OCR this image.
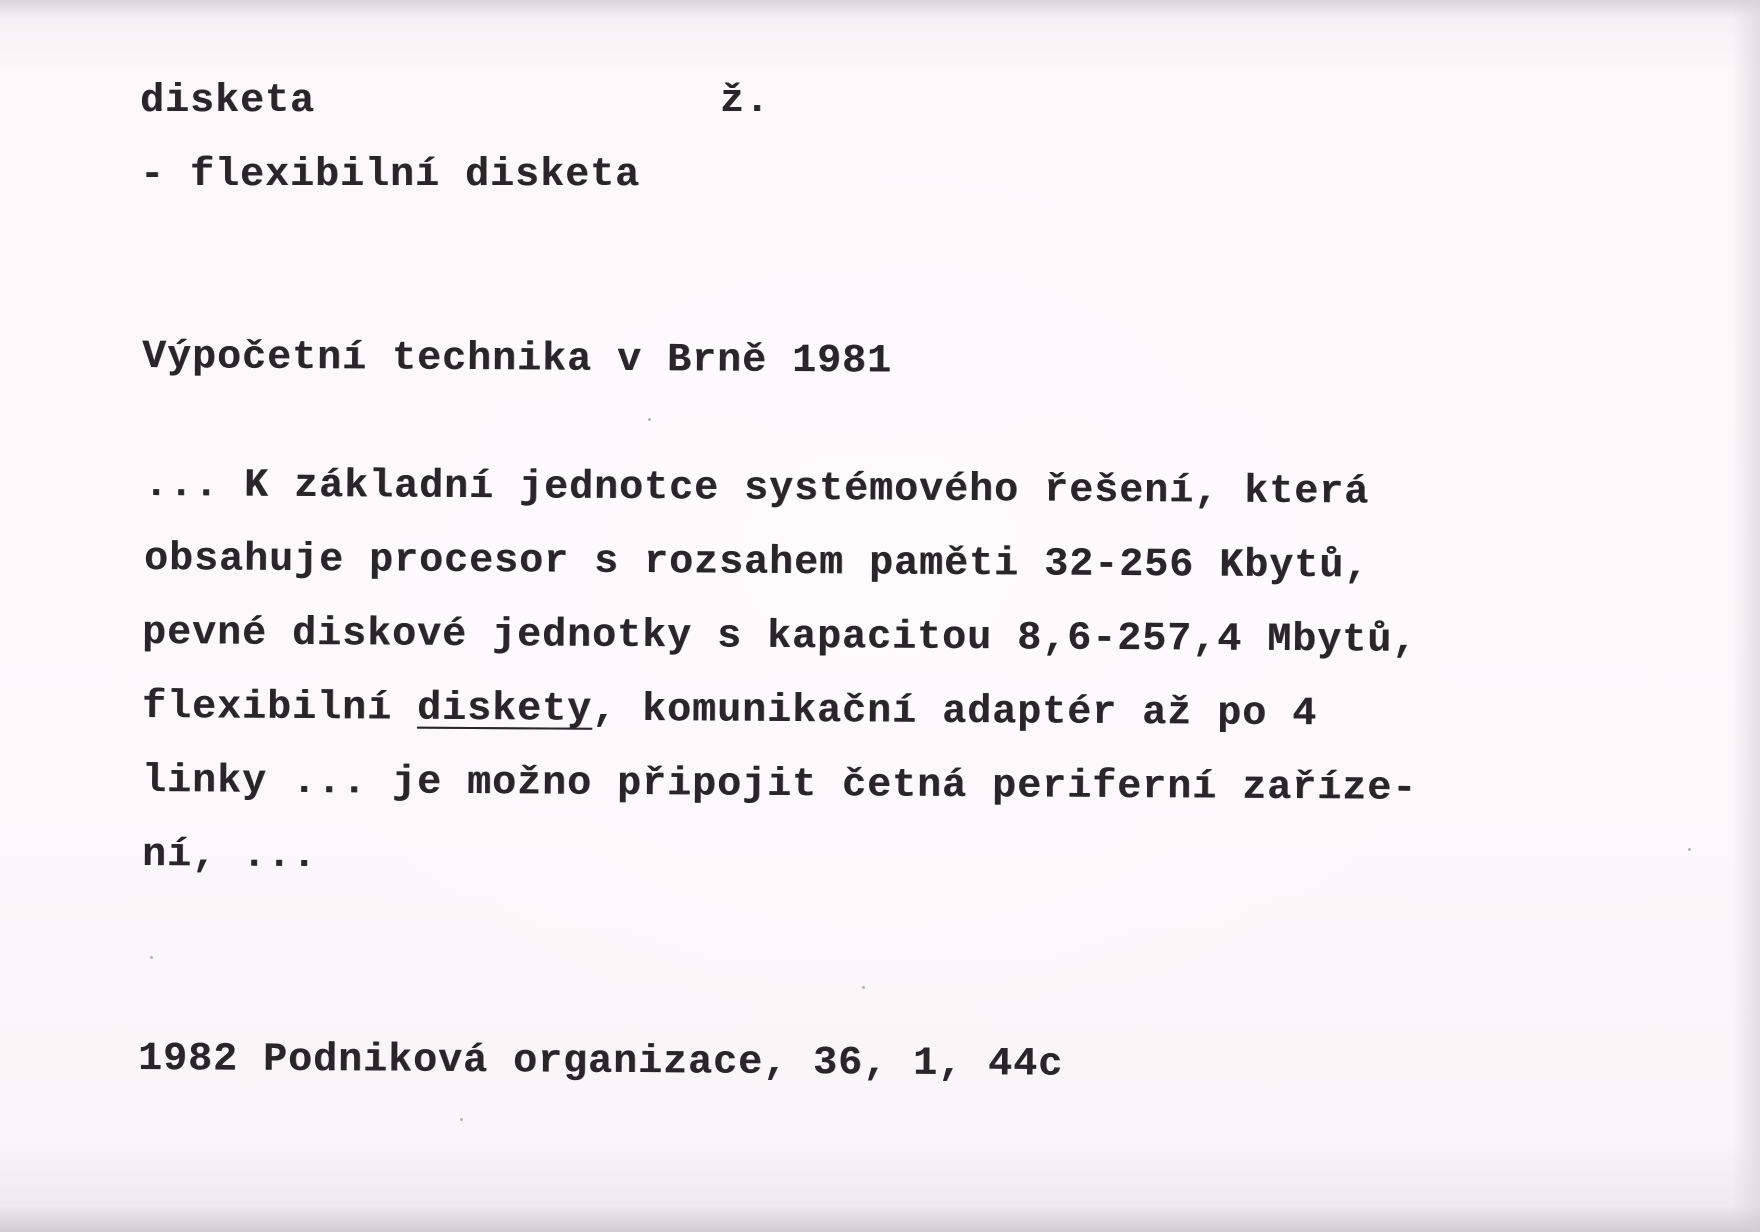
disketa	ž.
- flexibilní disketa
Výpočetní technika v Brně 1981
... K základní jednotce systémového řešení, která
obsahuje procesor s rozsahem paměti 32-256 Kbytů,
pevné diskové jednotky s kapacitou 8,6-257,4 Mbytů,
flexibilní diskety, komunikační adaptér až po 4
linky ... je možno připojit četná periferní zaříze-
ní, ...
1982 Podniková organizace, 36, 1, 44c
